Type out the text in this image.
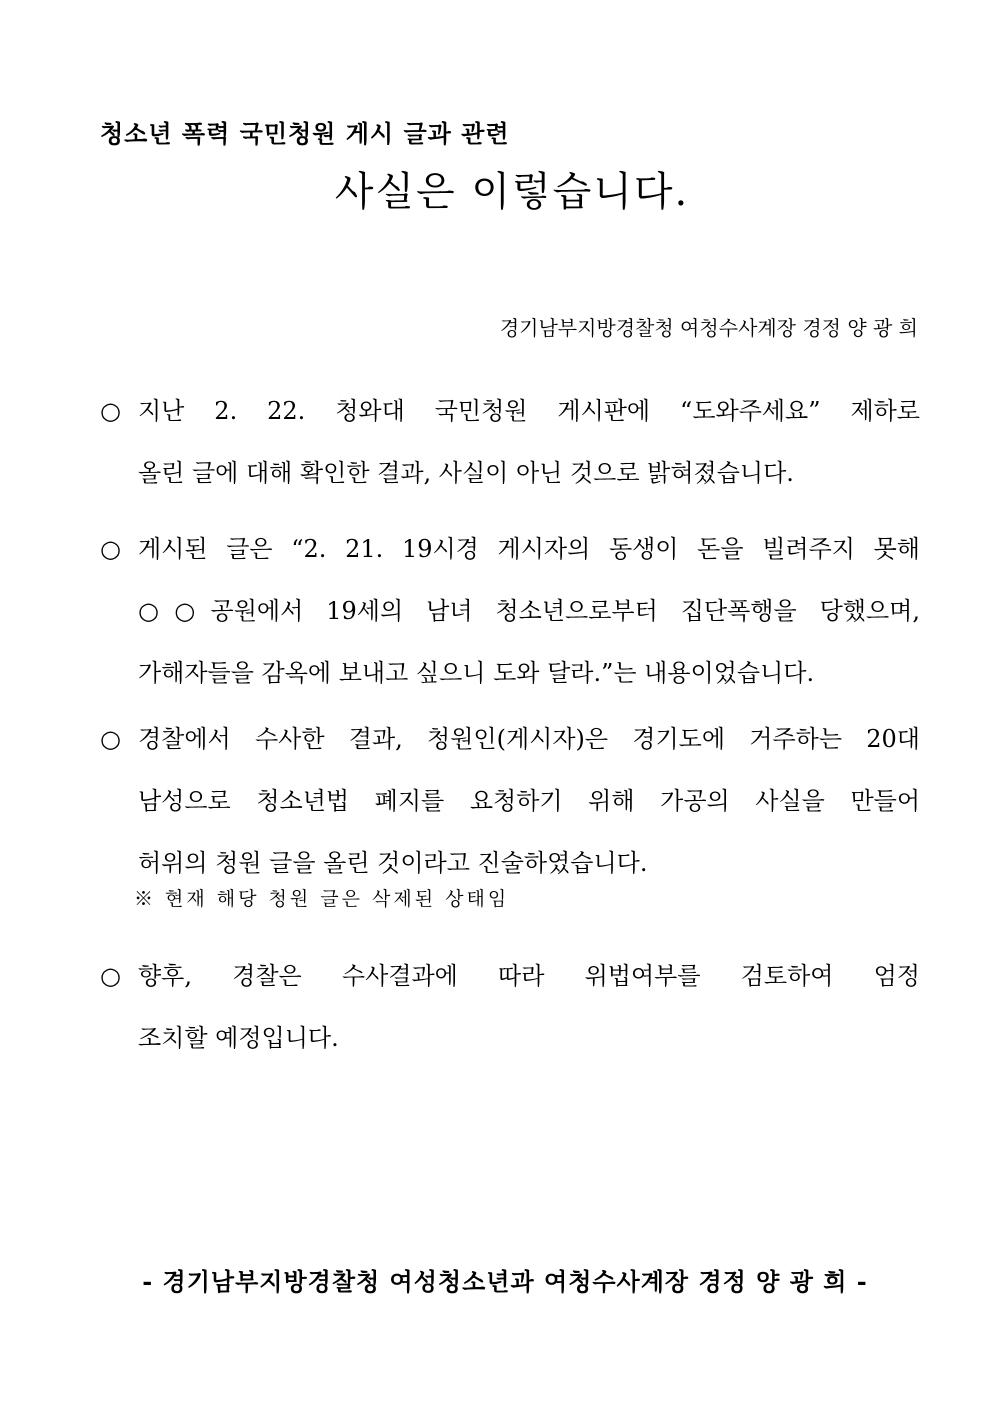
청소년 폭력 국민청원 게시 글과 관련
사실은 이렇습니다.
경기남부지방경찰청 여청수사계장 경정 양 광 희
○ 지난 2. 22. 청와대 국민청원 게시판에 “도와주세요” 제하로
올린 글에 대해 확인한 결과, 사실이 아닌 것으로 밝혀졌습니다.
○ 게시된 글은 “2. 21. 19시경 게시자의 동생이 돈을 빌려주지 못해
○○공원에서 19세의 남녀 청소년으로부터 집단폭행을 당했으며,
가해자들을 감옥에 보내고 싶으니 도와 달라.”는 내용이었습니다.
○ 경찰에서 수사한 결과, 청원인(게시자)은 경기도에 거주하는 20대
남성으로 청소년법 폐지를 요청하기 위해 가공의 사실을 만들어
허위의 청원 글을 올린 것이라고 진술하였습니다.
※ 현재 해당 청원 글은 삭제된 상태임
○ 향후, 경찰은 수사결과에 따라 위법여부를 검토하여 엄정
조치할 예정입니다.
- 경기남부지방경찰청 여성청소년과 여청수사계장 경정 양 광 희 -
